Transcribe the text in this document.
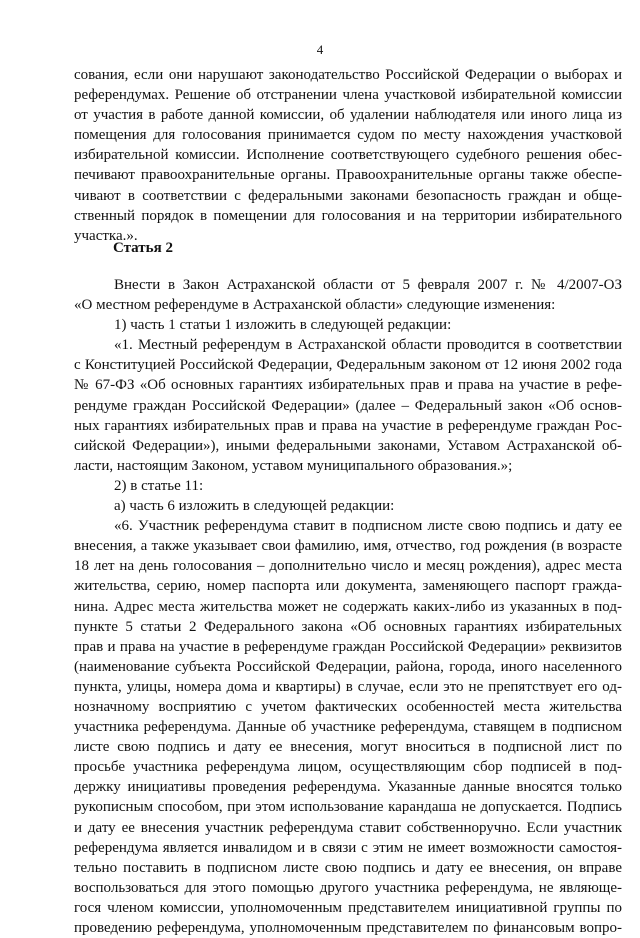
4
сования, если они нарушают законодательство Российской Федерации о выборах и
референдумах. Решение об отстранении члена участковой избирательной комиссии
от участия в работе данной комиссии, об удалении наблюдателя или иного лица из
помещения для голосования принимается судом по месту нахождения участковой
избирательной комиссии. Исполнение соответствующего судебного решения обес-
печивают правоохранительные органы. Правоохранительные органы также обеспе-
чивают в соответствии с федеральными законами безопасность граждан и обще-
ственный порядок в помещении для голосования и на территории избирательного
участка.».
Статья 2
Внести в Закон Астраханской области от 5 февраля 2007 г. № 4/2007-ОЗ
«О местном референдуме в Астраханской области» следующие изменения:
1) часть 1 статьи 1 изложить в следующей редакции:
«1. Местный референдум в Астраханской области проводится в соответствии
с Конституцией Российской Федерации, Федеральным законом от 12 июня 2002 года
№ 67-ФЗ «Об основных гарантиях избирательных прав и права на участие в рефе-
рендуме граждан Российской Федерации» (далее – Федеральный закон «Об основ-
ных гарантиях избирательных прав и права на участие в референдуме граждан Рос-
сийской Федерации»), иными федеральными законами, Уставом Астраханской об-
ласти, настоящим Законом, уставом муниципального образования.»;
2) в статье 11:
а) часть 6 изложить в следующей редакции:
«6. Участник референдума ставит в подписном листе свою подпись и дату ее
внесения, а также указывает свои фамилию, имя, отчество, год рождения (в возрасте
18 лет на день голосования – дополнительно число и месяц рождения), адрес места
жительства, серию, номер паспорта или документа, заменяющего паспорт гражда-
нина. Адрес места жительства может не содержать каких-либо из указанных в под-
пункте 5 статьи 2 Федерального закона «Об основных гарантиях избирательных
прав и права на участие в референдуме граждан Российской Федерации» реквизитов
(наименование субъекта Российской Федерации, района, города, иного населенного
пункта, улицы, номера дома и квартиры) в случае, если это не препятствует его од-
нозначному восприятию с учетом фактических особенностей места жительства
участника референдума. Данные об участнике референдума, ставящем в подписном
листе свою подпись и дату ее внесения, могут вноситься в подписной лист по
просьбе участника референдума лицом, осуществляющим сбор подписей в под-
держку инициативы проведения референдума. Указанные данные вносятся только
рукописным способом, при этом использование карандаша не допускается. Подпись
и дату ее внесения участник референдума ставит собственноручно. Если участник
референдума является инвалидом и в связи с этим не имеет возможности самостоя-
тельно поставить в подписном листе свою подпись и дату ее внесения, он вправе
воспользоваться для этого помощью другого участника референдума, не являюще-
гося членом комиссии, уполномоченным представителем инициативной группы по
проведению референдума, уполномоченным представителем по финансовым вопро-
